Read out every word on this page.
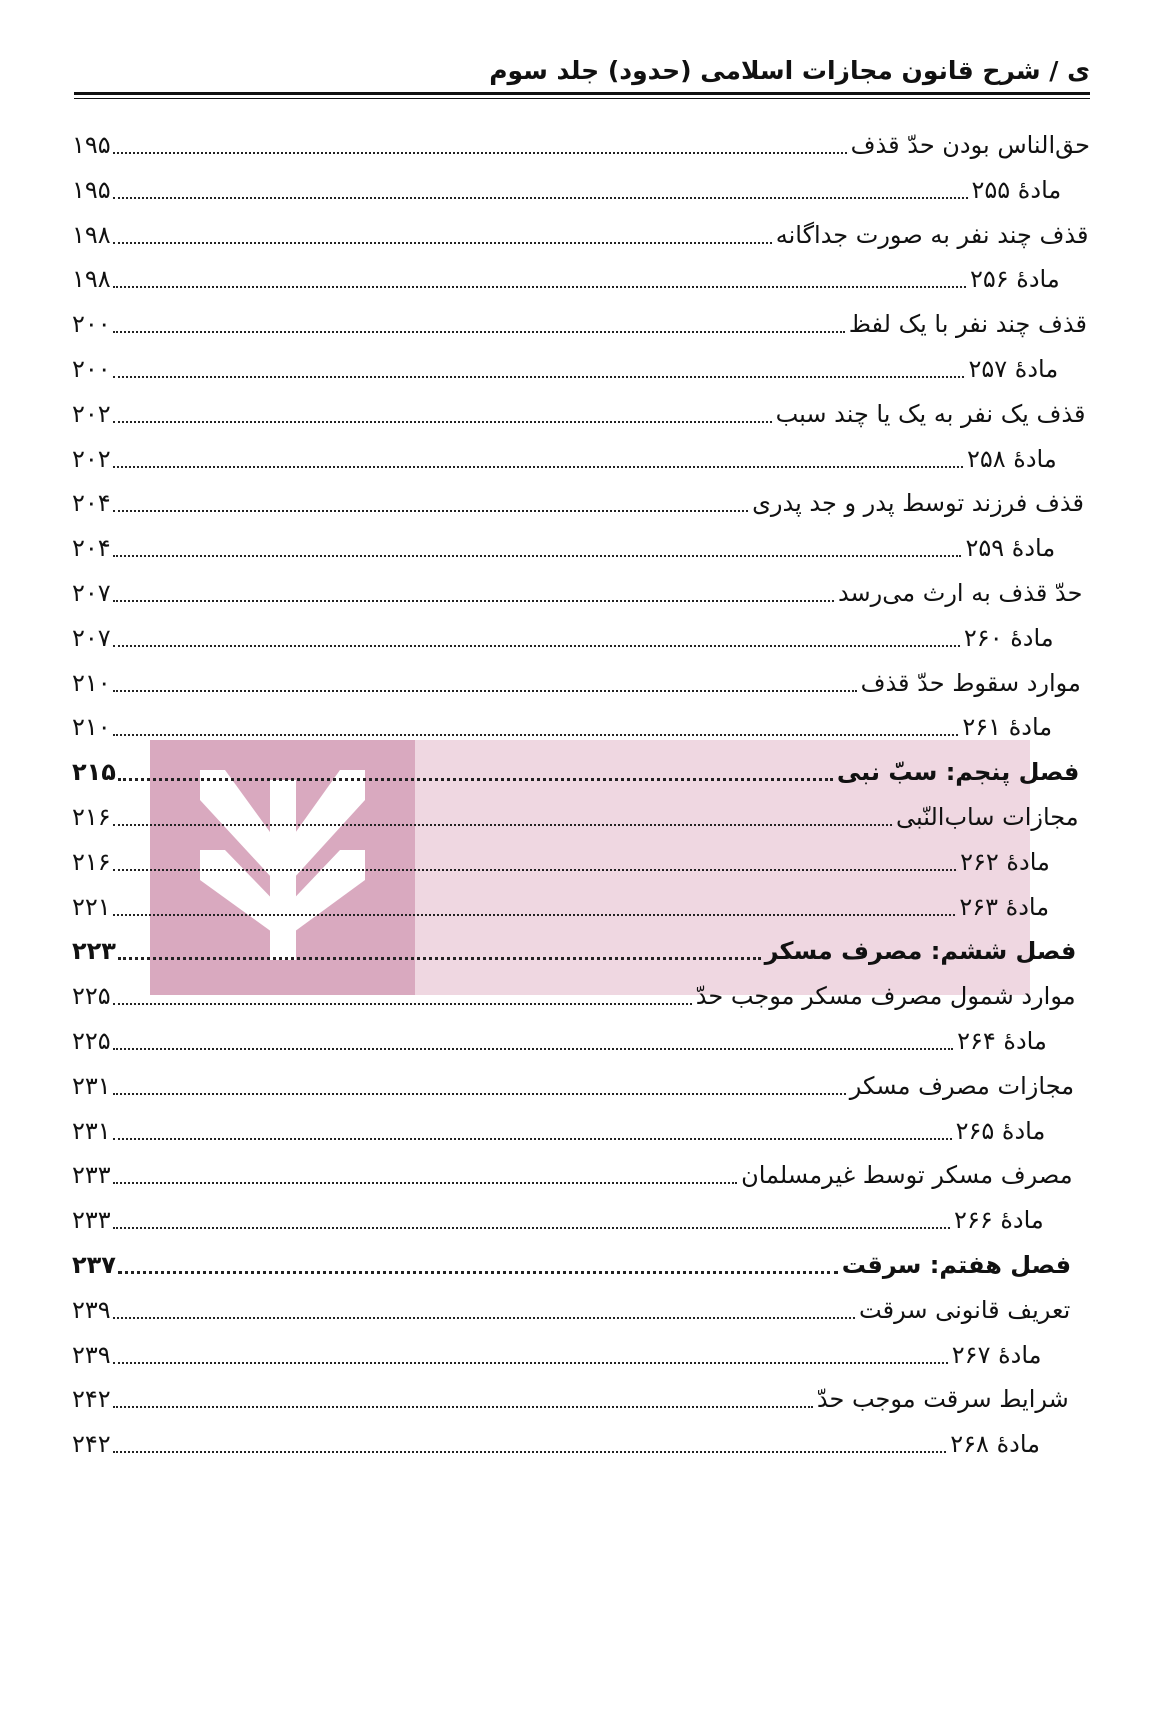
ی / شرح قانون مجازات اسلامی (حدود) جلد سوم
حق‌الناس بودن حدّ قذف
۱۹۵
مادهٔ ۲۵۵
۱۹۵
قذف چند نفر به صورت جداگانه
۱۹۸
مادهٔ ۲۵۶
۱۹۸
قذف چند نفر با یک لفظ
۲۰۰
مادهٔ ۲۵۷
۲۰۰
قذف یک نفر به یک یا چند سبب
۲۰۲
مادهٔ ۲۵۸
۲۰۲
قذف فرزند توسط پدر و جد پدری
۲۰۴
مادهٔ ۲۵۹
۲۰۴
حدّ قذف به ارث می‌رسد
۲۰۷
مادهٔ ۲۶۰
۲۰۷
موارد سقوط حدّ قذف
۲۱۰
مادهٔ ۲۶۱
۲۱۰
فصل پنجم: سبّ نبی
۲۱۵
مجازات ساب‌النّبی
۲۱۶
مادهٔ ۲۶۲
۲۱۶
مادهٔ ۲۶۳
۲۲۱
فصل ششم: مصرف مسکر
۲۲۳
موارد شمول مصرف مسکر موجب حدّ
۲۲۵
مادهٔ ۲۶۴
۲۲۵
مجازات مصرف مسکر
۲۳۱
مادهٔ ۲۶۵
۲۳۱
مصرف مسکر توسط غیرمسلمان
۲۳۳
مادهٔ ۲۶۶
۲۳۳
فصل هفتم: سرقت
۲۳۷
تعریف قانونی سرقت
۲۳۹
مادهٔ ۲۶۷
۲۳۹
شرایط سرقت موجب حدّ
۲۴۲
مادهٔ ۲۶۸
۲۴۲
